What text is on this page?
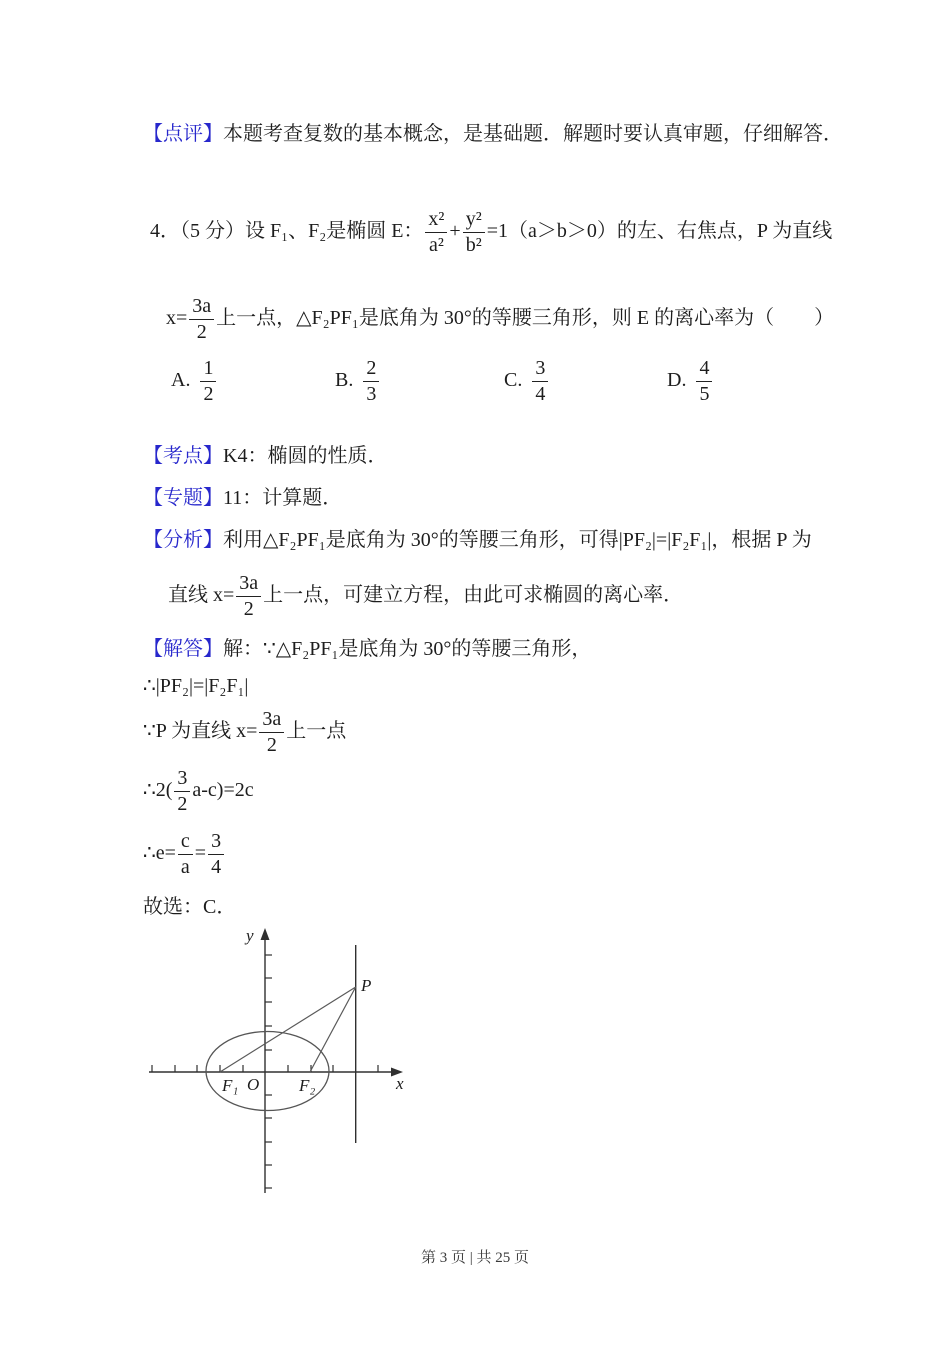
【点评】本题考查复数的基本概念，是基础题．解题时要认真审题，仔细解答．
4．（5 分）设 F₁、F₂是椭圆 E： $\frac{\text{x²}}{\text{a²}} + \frac{\text{y²}}{\text{b²}} =1(a>b>0)$的左、右焦点，P 为直线
$x= \frac{3a}{2}$ 上一点，△F₂PF₁是底角为 30°的等腰三角形，则 E 的离心率为（　　）
A. $\frac{1}{2}$	B. $\frac{2}{3}$	C. $\frac{3}{4}$	D. $\frac{4}{5}$
【考点】K4：椭圆的性质．
【专题】11：计算题．
【分析】利用△F₂PF₁是底角为 30°的等腰三角形，可得|PF₂|=|F₂F₁|，根据 P 为
直线 $x= \frac{3a}{2}$ 上一点，可建立方程，由此可求椭圆的离心率．
【解答】解：∵△F₂PF₁是底角为 30°的等腰三角形，
∴|PF₂|=|F₂F₁|
∵P 为直线 $x= \frac{3a}{2}$ 上一点
∴2( $\frac{3}{2} a-c)=2c$
∴e= $\frac{c}{a} = \frac{3}{4}$
故选：C．
y
x
O
F₁	F₂
P
第 3 页 | 共 25 页
